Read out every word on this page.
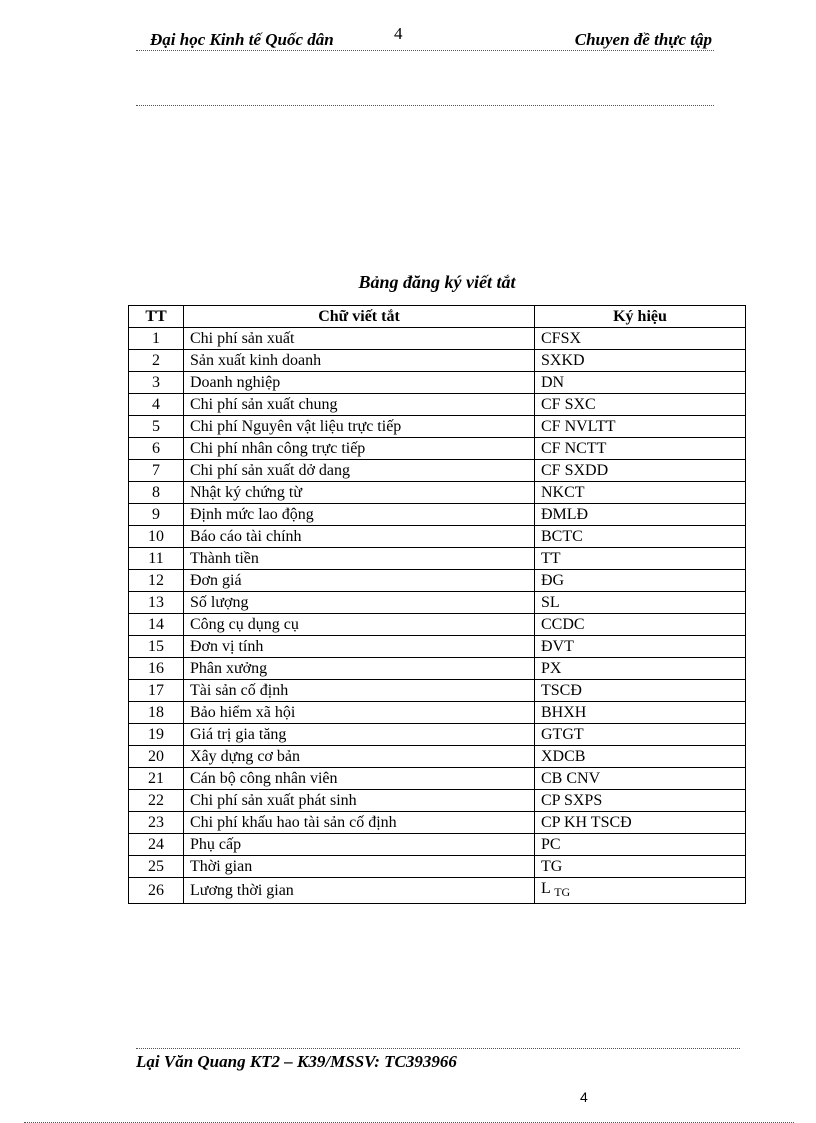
Đại học Kinh tế Quốc dân	4	Chuyen đề thực tập
Bảng đăng ký viết tắt
TT	Chữ viết tắt	Ký hiệu
1	Chi phí sản xuất	CFSX
2	Sản xuất kinh doanh	SXKD
3	Doanh nghiệp	DN
4	Chi phí sản xuất chung	CF SXC
5	Chi phí Nguyên vật liệu trực tiếp	CF NVLTT
6	Chi phí nhân công trực tiếp	CF NCTT
7	Chi phí sản xuất dở dang	CF SXDD
8	Nhật ký chứng từ	NKCT
9	Định mức lao động	ĐMLĐ
10	Báo cáo tài chính	BCTC
11	Thành tiền	TT
12	Đơn giá	ĐG
13	Số lượng	SL
14	Công cụ dụng cụ	CCDC
15	Đơn vị tính	ĐVT
16	Phân xưởng	PX
17	Tài sản cố định	TSCĐ
18	Bảo hiểm xã hội	BHXH
19	Giá trị gia tăng	GTGT
20	Xây dựng cơ bản	XDCB
21	Cán bộ công nhân viên	CB CNV
22	Chi phí sản xuất phát sinh	CP SXPS
23	Chi phí khấu hao tài sản cố định	CP KH TSCĐ
24	Phụ cấp	PC
25	Thời gian	TG
26	Lương thời gian	L $_{TG}$
Lại Văn Quang KT2 – K39/MSSV: TC393966
4
